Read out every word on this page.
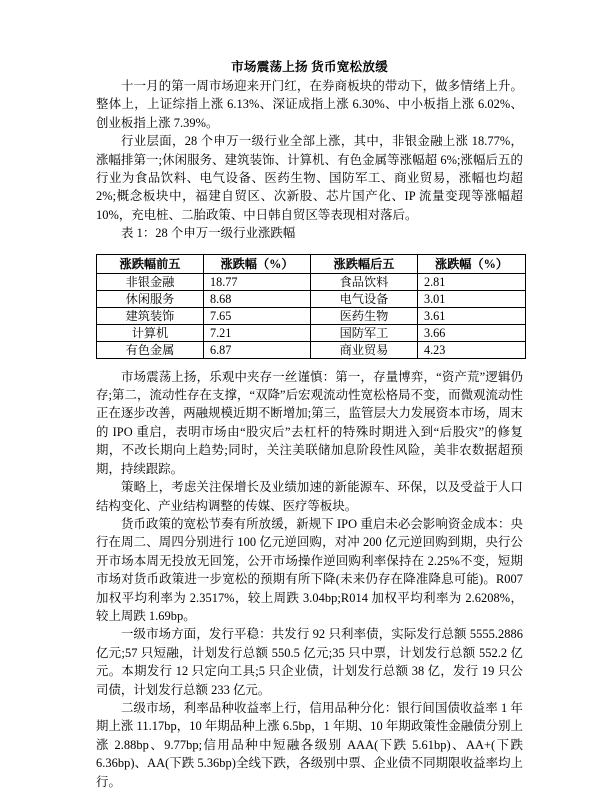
市场震荡上扬 货币宽松放缓

十一月的第一周市场迎来开门红，在券商板块的带动下，做多情绪上升。整体上，上证综指上涨 6.13%、深证成指上涨 6.30%、中小板指上涨 6.02%、创业板指上涨 7.39%。

行业层面，28 个申万一级行业全部上涨，其中，非银金融上涨 18.77%，涨幅排第一;休闲服务、建筑装饰、计算机、有色金属等涨幅超 6%;涨幅后五的行业为食品饮料、电气设备、医药生物、国防军工、商业贸易，涨幅也均超 2%;概念板块中，福建自贸区、次新股、芯片国产化、IP 流量变现等涨幅超 10%，充电桩、二胎政策、中日韩自贸区等表现相对落后。

表 1：28 个申万一级行业涨跌幅

涨跌幅前五	涨跌幅（%）	涨跌幅后五	涨跌幅（%）
非银金融	18.77	食品饮料	2.81
休闲服务	8.68	电气设备	3.01
建筑装饰	7.65	医药生物	3.61
计算机	7.21	国防军工	3.66
有色金属	6.87	商业贸易	4.23

市场震荡上扬，乐观中夹存一丝谨慎：第一，存量博弈，“资产荒”逻辑仍存;第二，流动性存在支撑，“双降”后宏观流动性宽松格局不变，而微观流动性正在逐步改善，两融规模近期不断增加;第三，监管层大力发展资本市场，周末的 IPO 重启，表明市场由“股灾后”去杠杆的特殊时期进入到“后股灾”的修复期，不改长期向上趋势;同时，关注美联储加息阶段性风险，美非农数据超预期，持续跟踪。

策略上，考虑关注保增长及业绩加速的新能源车、环保，以及受益于人口结构变化、产业结构调整的传媒、医疗等板块。

货币政策的宽松节奏有所放缓，新规下 IPO 重启未必会影响资金成本：央行在周二、周四分别进行 100 亿元逆回购，对冲 200 亿元逆回购到期，央行公开市场本周无投放无回笼，公开市场操作逆回购利率保持在 2.25%不变，短期市场对货币政策进一步宽松的预期有所下降(未来仍存在降准降息可能)。R007 加权平均利率为 2.3517%，较上周跌 3.04bp;R014 加权平均利率为 2.6208%，较上周跌 1.69bp。

一级市场方面，发行平稳：共发行 92 只利率债，实际发行总额 5555.2886 亿元;57 只短融，计划发行总额 550.5 亿元;35 只中票，计划发行总额 552.2 亿元。本期发行 12 只定向工具;5 只企业债，计划发行总额 38 亿，发行 19 只公司债，计划发行总额 233 亿元。

二级市场，利率品种收益率上行，信用品种分化：银行间国债收益率 1 年期上涨 11.17bp，10 年期品种上涨 6.5bp，1 年期、10 年期政策性金融债分别上涨 2.88bp、9.77bp;信用品种中短融各级别 AAA(下跌 5.61bp)、AA+(下跌 6.36bp)、AA(下跌 5.36bp)全线下跌，各级别中票、企业债不同期限收益率均上行。
